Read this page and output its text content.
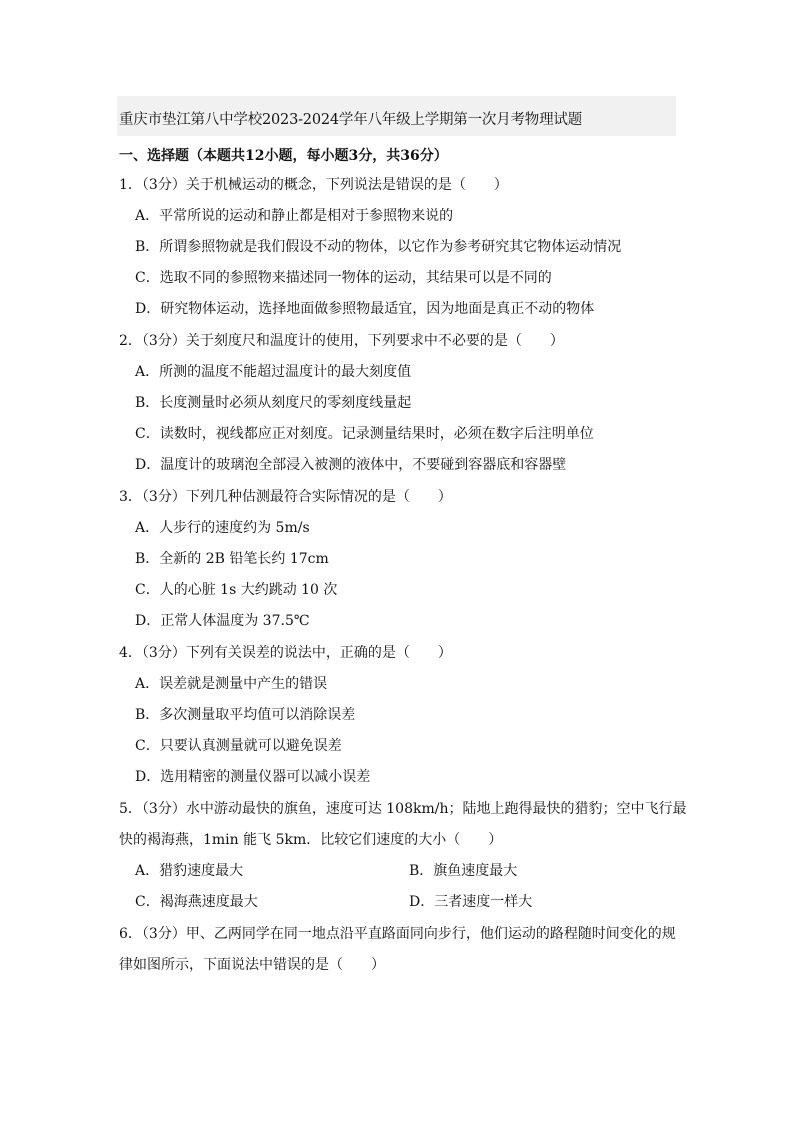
重庆市垫江第八中学校2023-2024学年八年级上学期第一次月考物理试题
一、选择题（本题共12小题，每小题3分，共36分）
1．（3分）关于机械运动的概念，下列说法是错误的是（　　）
A．平常所说的运动和静止都是相对于参照物来说的
B．所谓参照物就是我们假设不动的物体，以它作为参考研究其它物体运动情况
C．选取不同的参照物来描述同一物体的运动，其结果可以是不同的
D．研究物体运动，选择地面做参照物最适宜，因为地面是真正不动的物体
2．（3分）关于刻度尺和温度计的使用，下列要求中不必要的是（　　）
A．所测的温度不能超过温度计的最大刻度值
B．长度测量时必须从刻度尺的零刻度线量起
C．读数时，视线都应正对刻度。记录测量结果时，必须在数字后注明单位
D．温度计的玻璃泡全部浸入被测的液体中，不要碰到容器底和容器壁
3．（3分）下列几种估测最符合实际情况的是（　　）
A．人步行的速度约为 5m/s
B．全新的 2B 铅笔长约 17cm
C．人的心脏 1s 大约跳动 10 次
D．正常人体温度为 37.5℃
4．（3分）下列有关误差的说法中，正确的是（　　）
A．误差就是测量中产生的错误
B．多次测量取平均值可以消除误差
C．只要认真测量就可以避免误差
D．选用精密的测量仪器可以减小误差
5．（3分）水中游动最快的旗鱼，速度可达 108km/h；陆地上跑得最快的猎豹；空中飞行最
快的褐海燕，1min 能飞 5km．比较它们速度的大小（　　）
A．猎豹速度最大	B．旗鱼速度最大
C．褐海燕速度最大	D．三者速度一样大
6．（3分）甲、乙两同学在同一地点沿平直路面同向步行，他们运动的路程随时间变化的规
律如图所示，下面说法中错误的是（　　）
